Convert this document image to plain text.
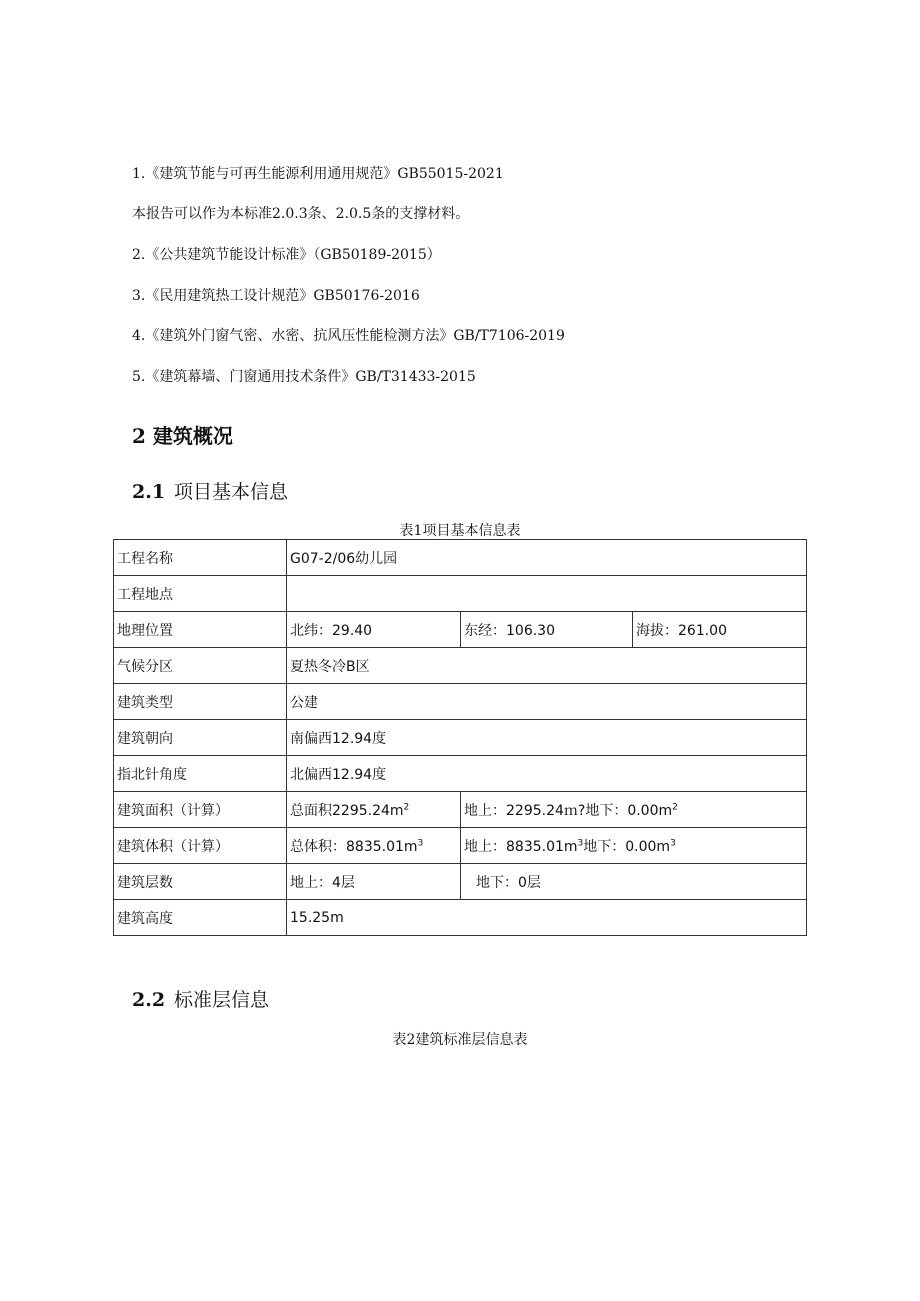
1.《建筑节能与可再生能源利用通用规范》GB55015-2021
本报告可以作为本标准2.0.3条、2.0.5条的支撑材料。
2.《公共建筑节能设计标准》（GB50189-2015）
3.《民用建筑热工设计规范》GB50176-2016
4.《建筑外门窗气密、水密、抗风压性能检测方法》GB/T7106-2019
5.《建筑幕墙、门窗通用技术条件》GB/T31433-2015
2 建筑概况
2.1 项目基本信息
表1项目基本信息表
工程名称	G07-2/06幼儿园		
工程地点			
地理位置	北纬：29.40	东经：106.30	海拔：261.00
气候分区	夏热冬冷B区		
建筑类型	公建		
建筑朝向	南偏西12.94度		
指北针角度	北偏西12.94度		
建筑面积（计算）	总面积$2295.24m^2$	地上：2295.24ｍ?地下：$0.00m^2$
建筑体积（计算）	总体积：$8835.01m^3$	地上：$8835.01m^3$地下：$0.00m^3$
建筑层数	地上：4层	地下：0层	
建筑高度	15.25m		
2.2 标准层信息
表2建筑标准层信息表
